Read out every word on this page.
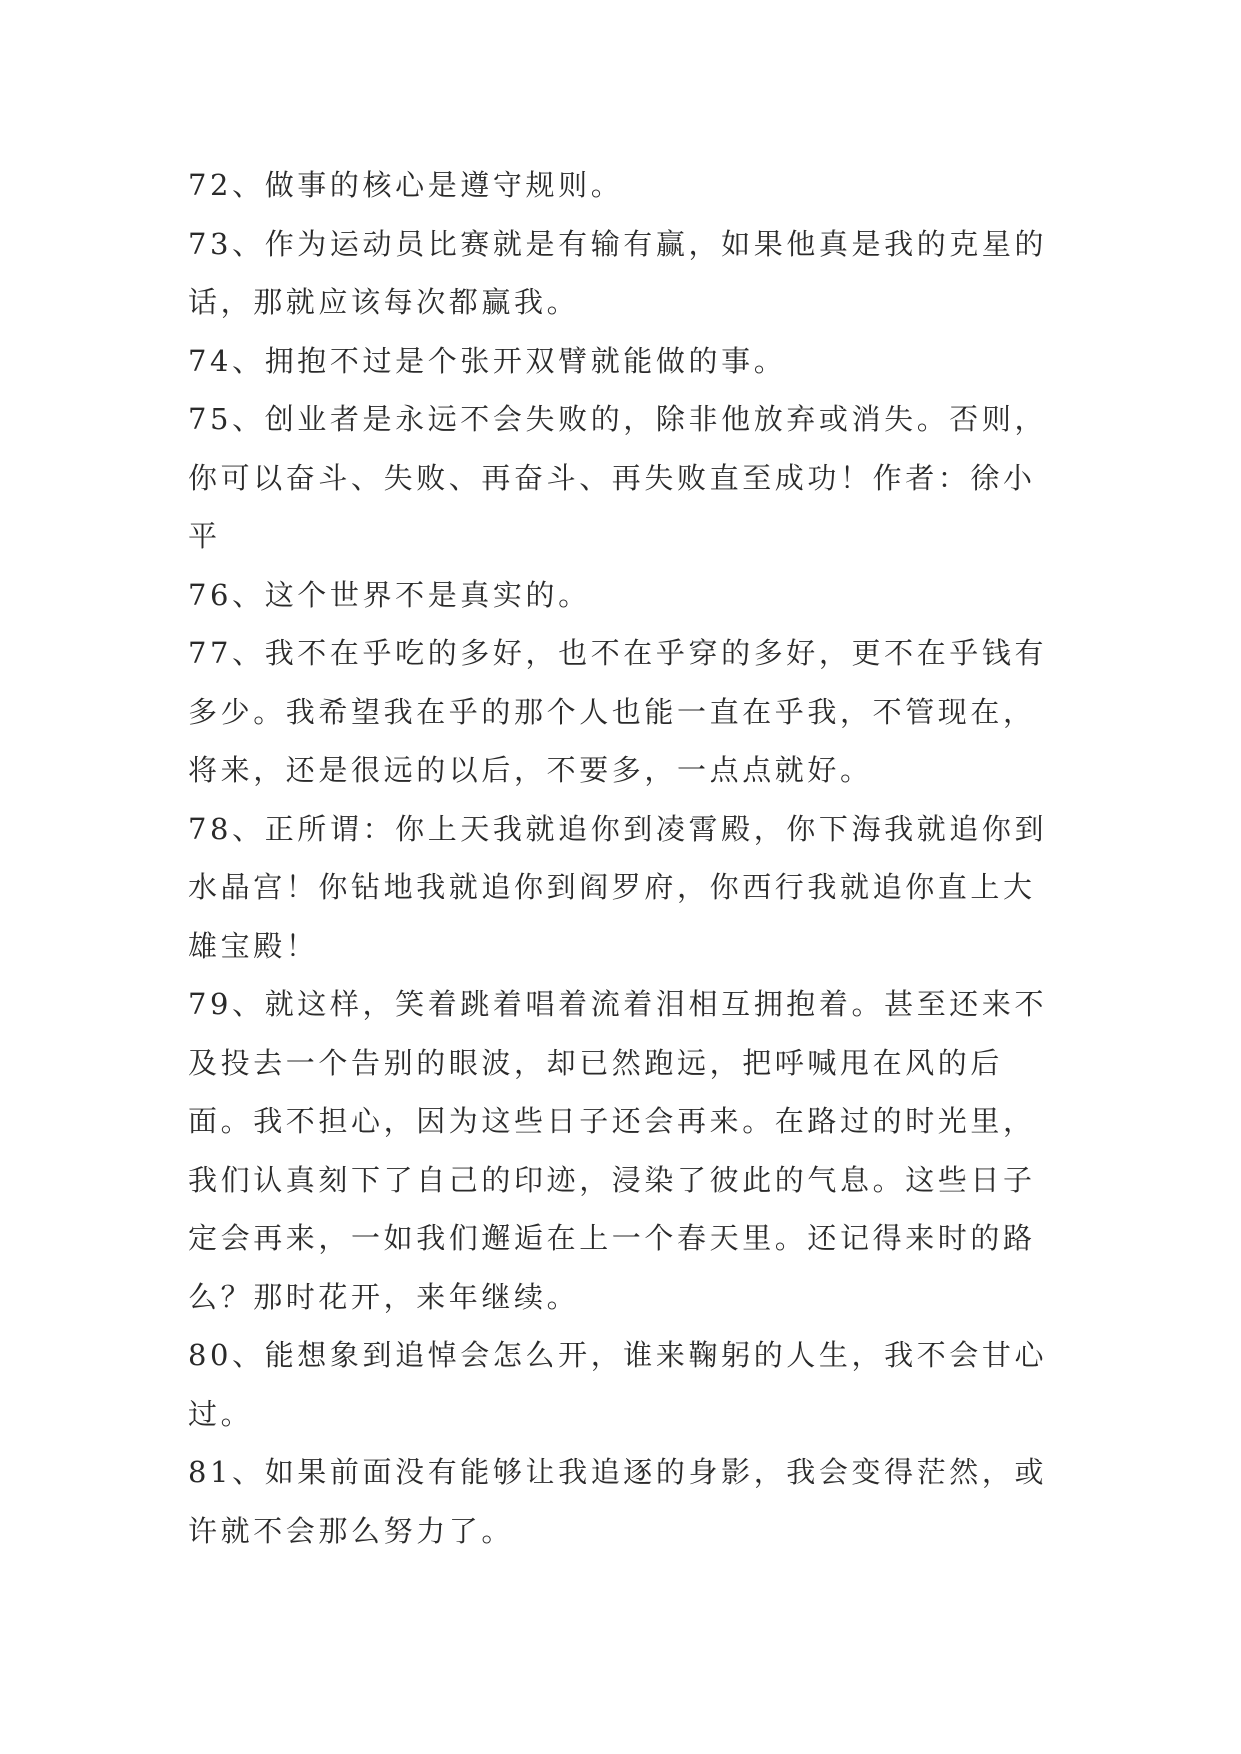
72、做事的核心是遵守规则。

73、作为运动员比赛就是有输有赢，如果他真是我的克星的话，那就应该每次都赢我。

74、拥抱不过是个张开双臂就能做的事。

75、创业者是永远不会失败的，除非他放弃或消失。否则，你可以奋斗、失败、再奋斗、再失败直至成功！作者：徐小平

76、这个世界不是真实的。

77、我不在乎吃的多好，也不在乎穿的多好，更不在乎钱有多少。我希望我在乎的那个人也能一直在乎我，不管现在，将来，还是很远的以后，不要多，一点点就好。

78、正所谓：你上天我就追你到凌霄殿，你下海我就追你到水晶宫！你钻地我就追你到阎罗府，你西行我就追你直上大雄宝殿！

79、就这样，笑着跳着唱着流着泪相互拥抱着。甚至还来不及投去一个告别的眼波，却已然跑远，把呼喊甩在风的后面。我不担心，因为这些日子还会再来。在路过的时光里，我们认真刻下了自己的印迹，浸染了彼此的气息。这些日子定会再来，一如我们邂逅在上一个春天里。还记得来时的路么？那时花开，来年继续。

80、能想象到追悼会怎么开，谁来鞠躬的人生，我不会甘心过。

81、如果前面没有能够让我追逐的身影，我会变得茫然，或许就不会那么努力了。
